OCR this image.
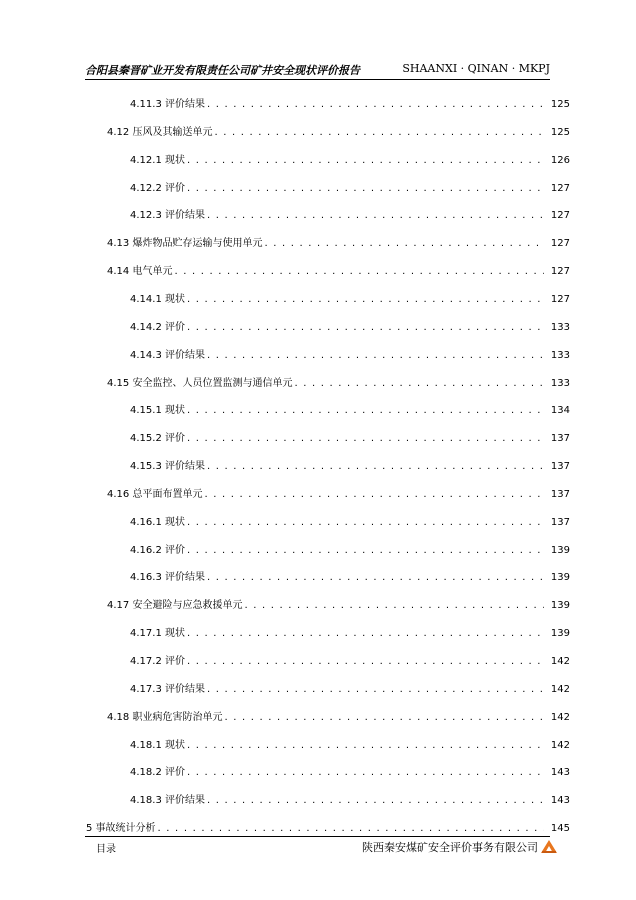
合阳县秦晋矿业开发有限责任公司矿井安全现状评价报告	SHAANXI · QINAN · MKPJ
4.11.3 评价结果 . . .	125
4.12 压风及其输送单元 . . .	125
4.12.1 现状 . . .	126
4.12.2 评价 . . .	127
4.12.3 评价结果 . . .	127
4.13 爆炸物品贮存运输与使用单元 . . .	127
4.14 电气单元 . . .	127
4.14.1 现状 . . .	127
4.14.2 评价 . . .	133
4.14.3 评价结果 . . .	133
4.15 安全监控、人员位置监测与通信单元 . . .	133
4.15.1 现状 . . .	134
4.15.2 评价 . . .	137
4.15.3 评价结果 . . .	137
4.16 总平面布置单元 . . .	137
4.16.1 现状 . . .	137
4.16.2 评价 . . .	139
4.16.3 评价结果 . . .	139
4.17 安全避险与应急救援单元 . . .	139
4.17.1 现状 . . .	139
4.17.2 评价 . . .	142
4.17.3 评价结果 . . .	142
4.18 职业病危害防治单元 . . .	142
4.18.1 现状 . . .	142
4.18.2 评价 . . .	143
4.18.3 评价结果 . . .	143
5 事故统计分析 . . .	145
目录	陕西秦安煤矿安全评价事务有限公司
